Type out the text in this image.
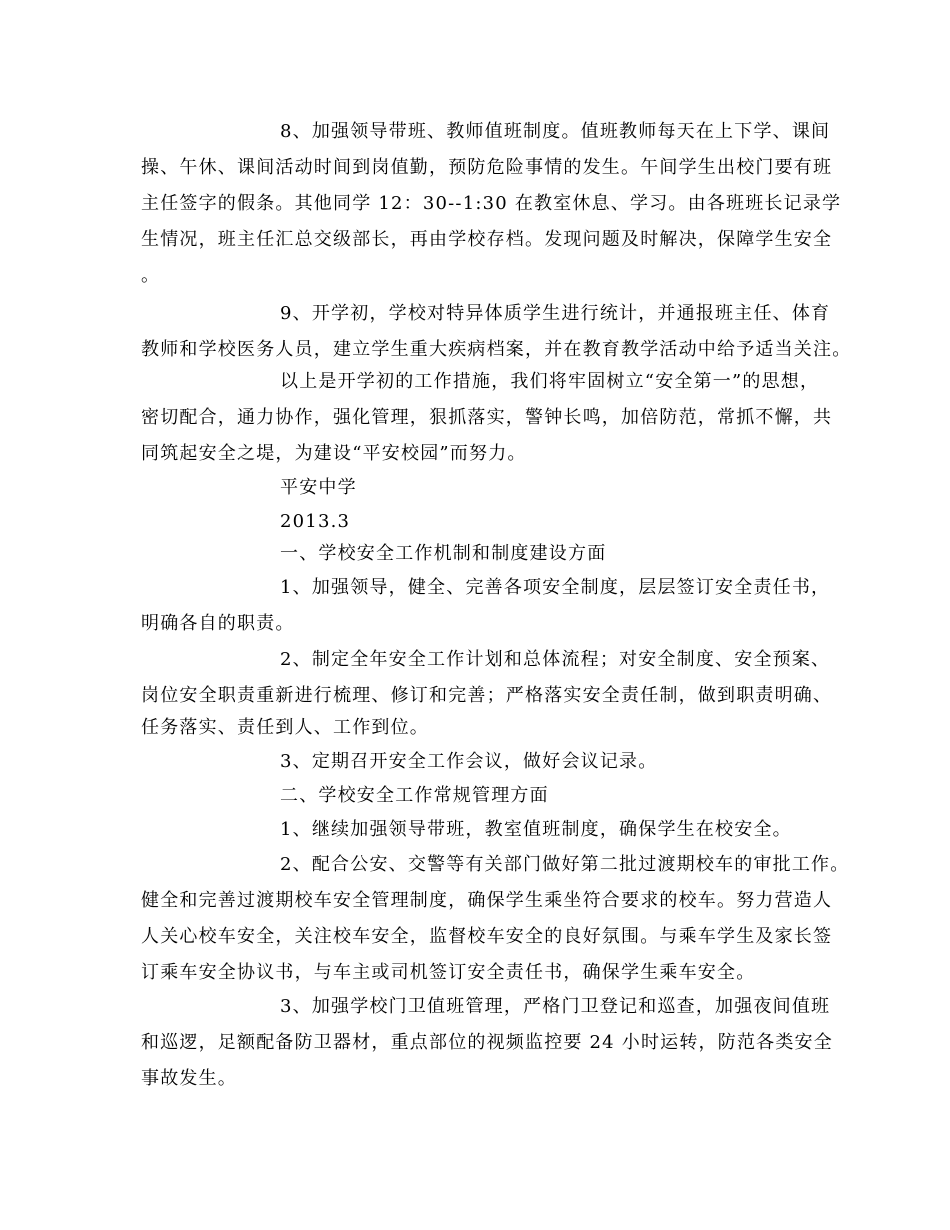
8、加强领导带班、教师值班制度。值班教师每天在上下学、课间
操、午休、课间活动时间到岗值勤，预防危险事情的发生。午间学生出校门要有班
主任签字的假条。其他同学 12：30--1:30 在教室休息、学习。由各班班长记录学
生情况，班主任汇总交级部长，再由学校存档。发现问题及时解决，保障学生安全
。
9、开学初，学校对特异体质学生进行统计，并通报班主任、体育
教师和学校医务人员，建立学生重大疾病档案，并在教育教学活动中给予适当关注。
以上是开学初的工作措施，我们将牢固树立“安全第一”的思想，
密切配合，通力协作，强化管理，狠抓落实，警钟长鸣，加倍防范，常抓不懈，共
同筑起安全之堤，为建设“平安校园”而努力。
平安中学
2013.3
一、学校安全工作机制和制度建设方面
1、加强领导，健全、完善各项安全制度，层层签订安全责任书，
明确各自的职责。
2、制定全年安全工作计划和总体流程；对安全制度、安全预案、
岗位安全职责重新进行梳理、修订和完善；严格落实安全责任制，做到职责明确、
任务落实、责任到人、工作到位。
3、定期召开安全工作会议，做好会议记录。
二、学校安全工作常规管理方面
1、继续加强领导带班，教室值班制度，确保学生在校安全。
2、配合公安、交警等有关部门做好第二批过渡期校车的审批工作。
健全和完善过渡期校车安全管理制度，确保学生乘坐符合要求的校车。努力营造人
人关心校车安全，关注校车安全，监督校车安全的良好氛围。与乘车学生及家长签
订乘车安全协议书，与车主或司机签订安全责任书，确保学生乘车安全。
3、加强学校门卫值班管理，严格门卫登记和巡查，加强夜间值班
和巡逻，足额配备防卫器材，重点部位的视频监控要 24 小时运转，防范各类安全
事故发生。
